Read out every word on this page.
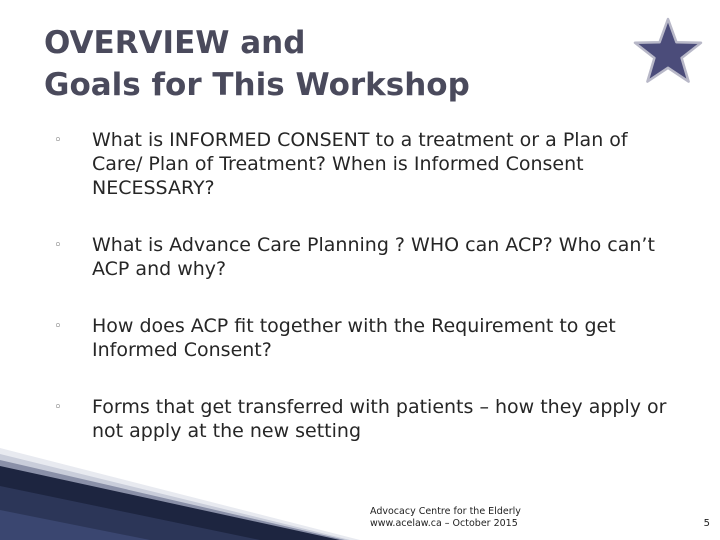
OVERVIEW and
Goals for This Workshop
◦ What is INFORMED CONSENT to a treatment or a Plan of Care/ Plan of Treatment? When is Informed Consent NECESSARY?
◦ What is Advance Care Planning ? WHO can ACP? Who can’t ACP and why?
◦ How does ACP fit together with the Requirement to get Informed Consent?
◦ Forms that get transferred with patients – how they apply or not apply at the new setting
Advocacy Centre for the Elderly
www.acelaw.ca – October 2015	5
